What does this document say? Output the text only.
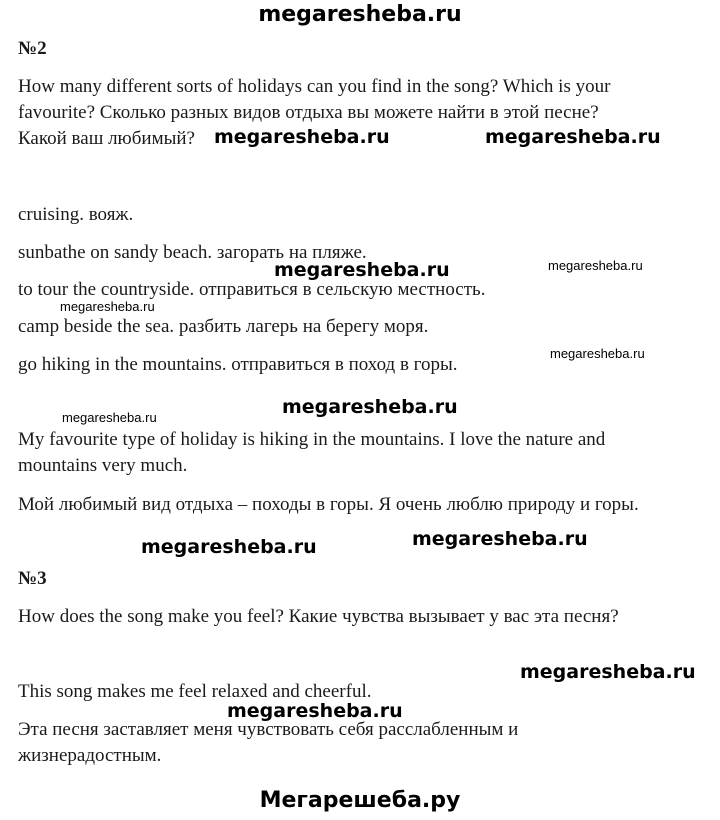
megaresheba.ru
№2
How many different sorts of holidays can you find in the song? Which is your
favourite? Сколько разных видов отдыха вы можете найти в этой песне?
Какой ваш любимый? megaresheba.ru	megaresheba.ru
cruising. вояж.
sunbathe on sandy beach. загорать на пляже.
megaresheba.ru	megaresheba.ru
to tour the countryside. отправиться в сельскую местность.
megaresheba.ru
camp beside the sea. разбить лагерь на берегу моря.
megaresheba.ru
go hiking in the mountains. отправиться в поход в горы.
megaresheba.ru	megaresheba.ru
My favourite type of holiday is hiking in the mountains. I love the nature and
mountains very much.
Мой любимый вид отдыха – походы в горы. Я очень люблю природу и горы.
megaresheba.ru	megaresheba.ru
№3
How does the song make you feel? Какие чувства вызывает у вас эта песня?
megaresheba.ru
This song makes me feel relaxed and cheerful.
megaresheba.ru
Эта песня заставляет меня чувствовать себя расслабленным и
жизнерадостным.
Мегарешеба.ру
